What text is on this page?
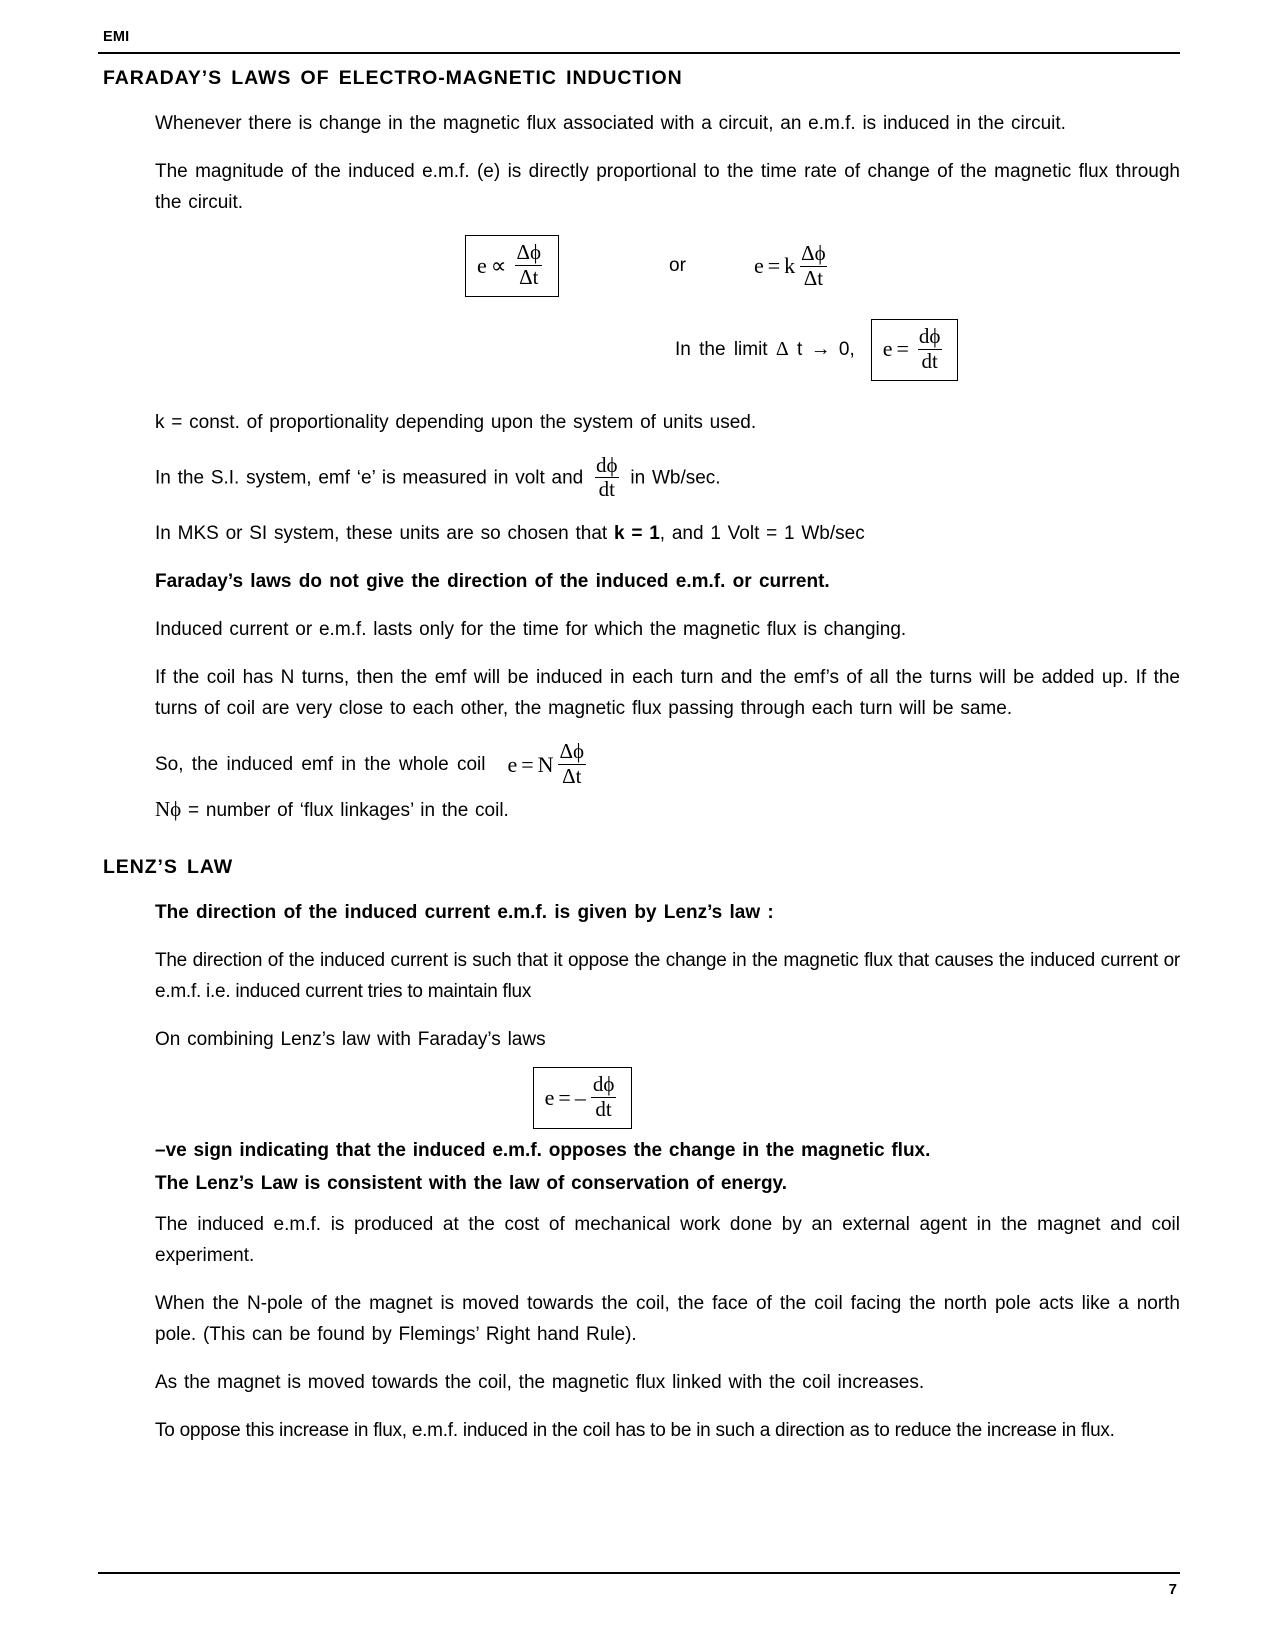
EMI
FARADAY’S LAWS OF ELECTRO-MAGNETIC INDUCTION

Whenever there is change in the magnetic flux associated with a circuit, an e.m.f. is induced in the circuit.

The magnitude of the induced e.m.f. (e) is directly proportional to the time rate of change of the magnetic flux through the circuit.

$e \propto \frac{\Delta\phi}{\Delta t}$	or	e = k $\frac{\Delta\phi}{\Delta t}$
In the limit Δ t → 0, $e = \frac{d\phi}{dt}$

k = const. of proportionality depending upon the system of units used.

In the S.I. system, emf ‘e’ is measured in volt and $\frac{d\phi}{dt}$ in Wb/sec.

In MKS or SI system, these units are so chosen that k = 1, and 1 Volt = 1 Wb/sec

Faraday’s laws do not give the direction of the induced e.m.f. or current.

Induced current or e.m.f. lasts only for the time for which the magnetic flux is changing.

If the coil has N turns, then the emf will be induced in each turn and the emf’s of all the turns will be added up. If the turns of coil are very close to each other, the magnetic flux passing through each turn will be same.

So, the induced emf in the whole coil e = N $\frac{\Delta\phi}{\Delta t}$
Nϕ = number of ‘flux linkages’ in the coil.
LENZ’S LAW

The direction of the induced current e.m.f. is given by Lenz’s law :

The direction of the induced current is such that it oppose the change in the magnetic flux that causes the induced current or e.m.f. i.e. induced current tries to maintain flux

On combining Lenz’s law with Faraday’s laws

e = – $\frac{d\phi}{dt}$

–ve sign indicating that the induced e.m.f. opposes the change in the magnetic flux.

The Lenz’s Law is consistent with the law of conservation of energy.

The induced e.m.f. is produced at the cost of mechanical work done by an external agent in the magnet and coil experiment.

When the N-pole of the magnet is moved towards the coil, the face of the coil facing the north pole acts like a north pole. (This can be found by Flemings’ Right hand Rule).

As the magnet is moved towards the coil, the magnetic flux linked with the coil increases.

To oppose this increase in flux, e.m.f. induced in the coil has to be in such a direction as to reduce the increase in flux.

7
